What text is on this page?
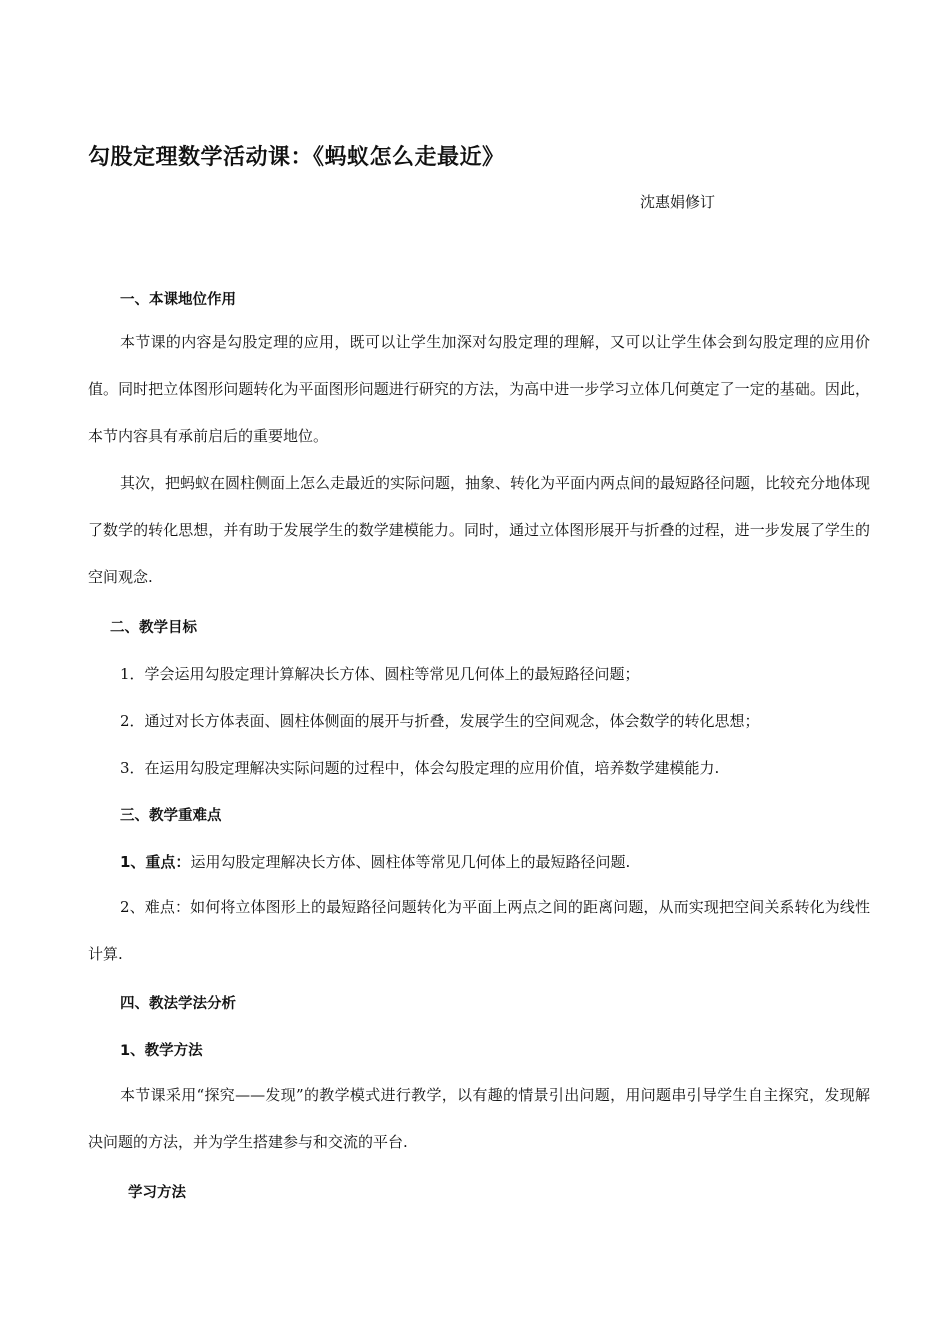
勾股定理数学活动课：《蚂蚁怎么走最近》
沈惠娟修订
一、本课地位作用

本节课的内容是勾股定理的应用，既可以让学生加深对勾股定理的理解，又可以让学生体会到勾股定理的应用价值。同时把立体图形问题转化为平面图形问题进行研究的方法，为高中进一步学习立体几何奠定了一定的基础。因此，本节内容具有承前启后的重要地位。

其次，把蚂蚁在圆柱侧面上怎么走最近的实际问题，抽象、转化为平面内两点间的最短路径问题，比较充分地体现了数学的转化思想，并有助于发展学生的数学建模能力。同时，通过立体图形展开与折叠的过程，进一步发展了学生的空间观念.

二、教学目标
1．学会运用勾股定理计算解决长方体、圆柱等常见几何体上的最短路径问题；
2．通过对长方体表面、圆柱体侧面的展开与折叠，发展学生的空间观念，体会数学的转化思想；
3．在运用勾股定理解决实际问题的过程中，体会勾股定理的应用价值，培养数学建模能力.
三、教学重难点
1、重点：运用勾股定理解决长方体、圆柱体等常见几何体上的最短路径问题.

2、难点：如何将立体图形上的最短路径问题转化为平面上两点之间的距离问题，从而实现把空间关系转化为线性计算.

四、教法学法分析
1、教学方法

本节课采用“探究——发现”的教学模式进行教学，以有趣的情景引出问题，用问题串引导学生自主探究，发现解决问题的方法，并为学生搭建参与和交流的平台.

学习方法
